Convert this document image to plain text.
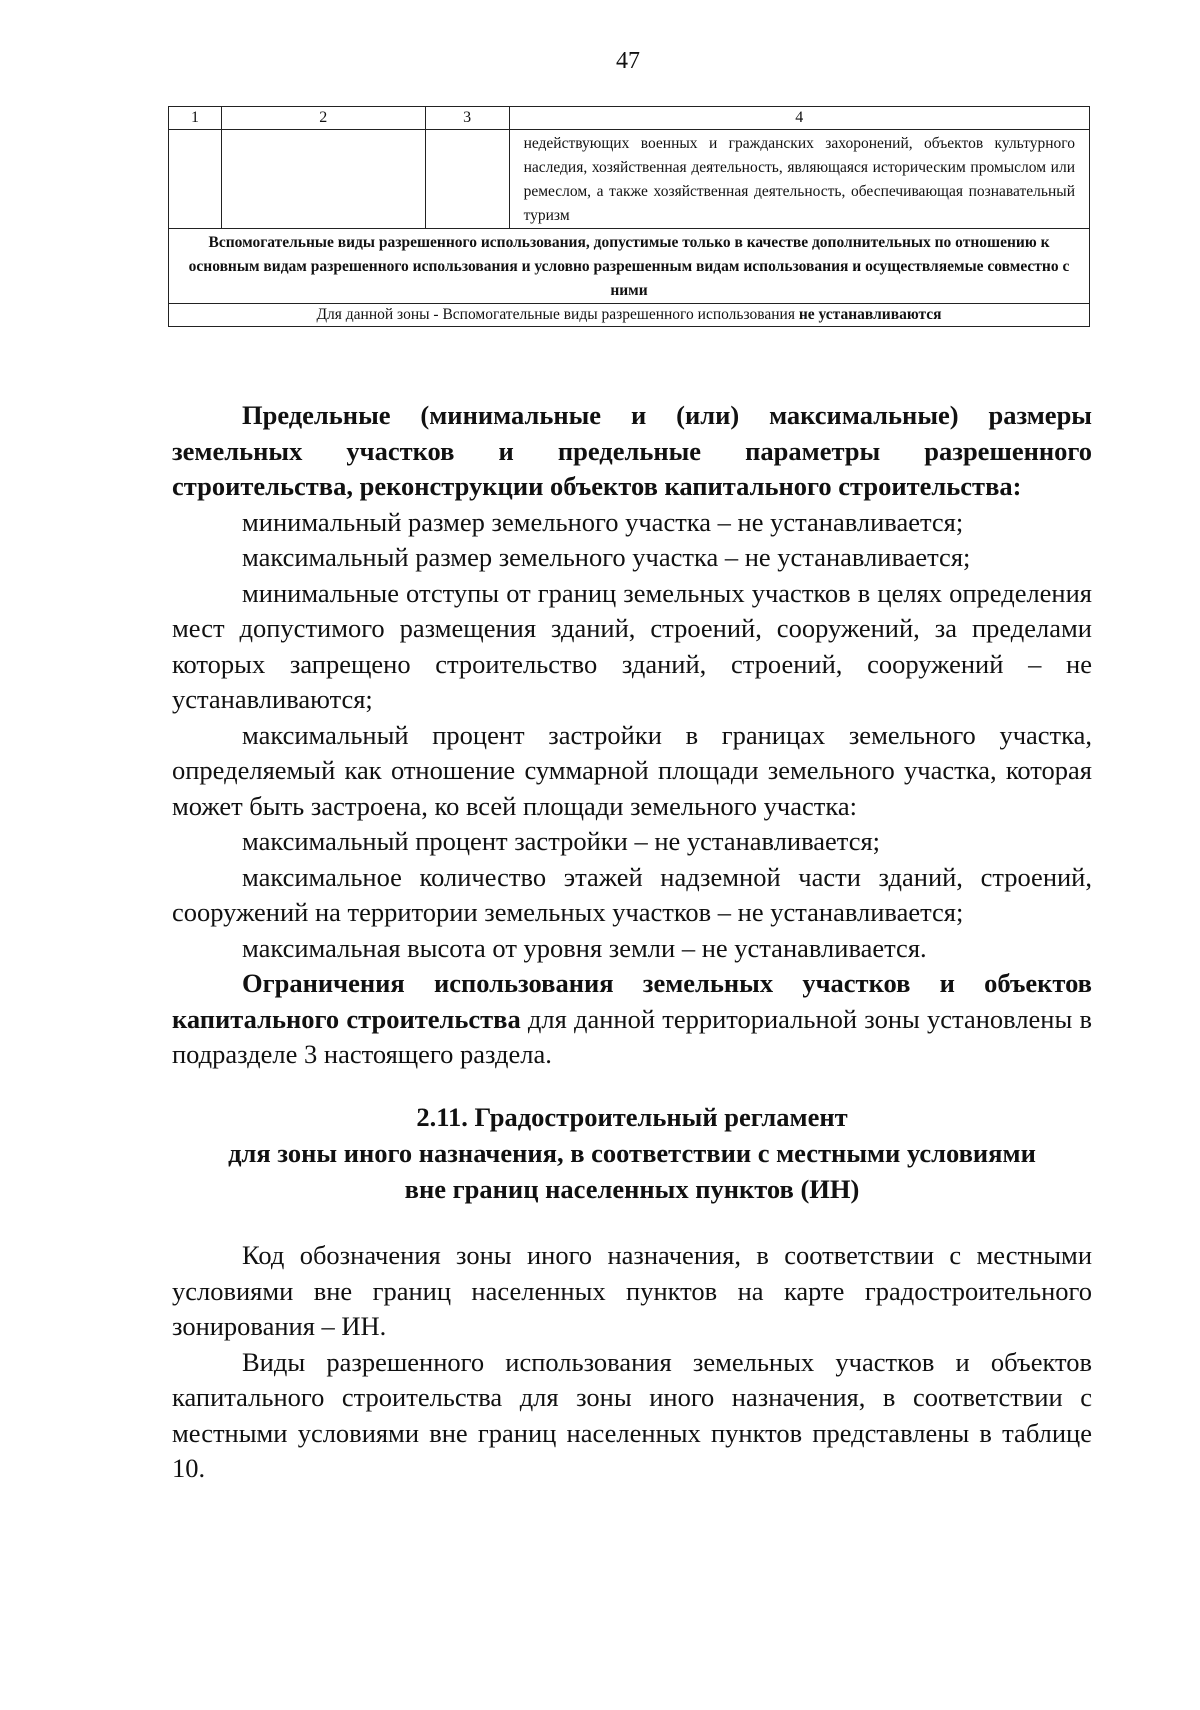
47
1	2	3	4
			недействующих военных и гражданских захоронений, объектов культурного наследия, хозяйственная деятельность, являющаяся историческим промыслом или ремеслом, а также хозяйственная деятельность, обеспечивающая познавательный туризм
Вспомогательные виды разрешенного использования, допустимые только в качестве дополнительных по отношению к основным видам разрешенного использования и условно разрешенным видам использования и осуществляемые совместно с ними			
Для данной зоны - Вспомогательные виды разрешенного использования не устанавливаются			

Предельные (минимальные и (или) максимальные) размеры земельных участков и предельные параметры разрешенного строительства, реконструкции объектов капитального строительства:

минимальный размер земельного участка – не устанавливается;

максимальный размер земельного участка – не устанавливается;

минимальные отступы от границ земельных участков в целях определения мест допустимого размещения зданий, строений, сооружений, за пределами которых запрещено строительство зданий, строений, сооружений – не устанавливаются;

максимальный процент застройки в границах земельного участка, определяемый как отношение суммарной площади земельного участка, которая может быть застроена, ко всей площади земельного участка:

максимальный процент застройки – не устанавливается;

максимальное количество этажей надземной части зданий, строений, сооружений на территории земельных участков – не устанавливается;

максимальная высота от уровня земли – не устанавливается.

Ограничения использования земельных участков и объектов капитального строительства для данной территориальной зоны установлены в подразделе 3 настоящего раздела.

2.11. Градостроительный регламент

для зоны иного назначения, в соответствии с местными условиями

вне границ населенных пунктов (ИН)

Код обозначения зоны иного назначения, в соответствии с местными условиями вне границ населенных пунктов на карте градостроительного зонирования – ИН.

Виды разрешенного использования земельных участков и объектов капитального строительства для зоны иного назначения, в соответствии с местными условиями вне границ населенных пунктов представлены в таблице 10.
